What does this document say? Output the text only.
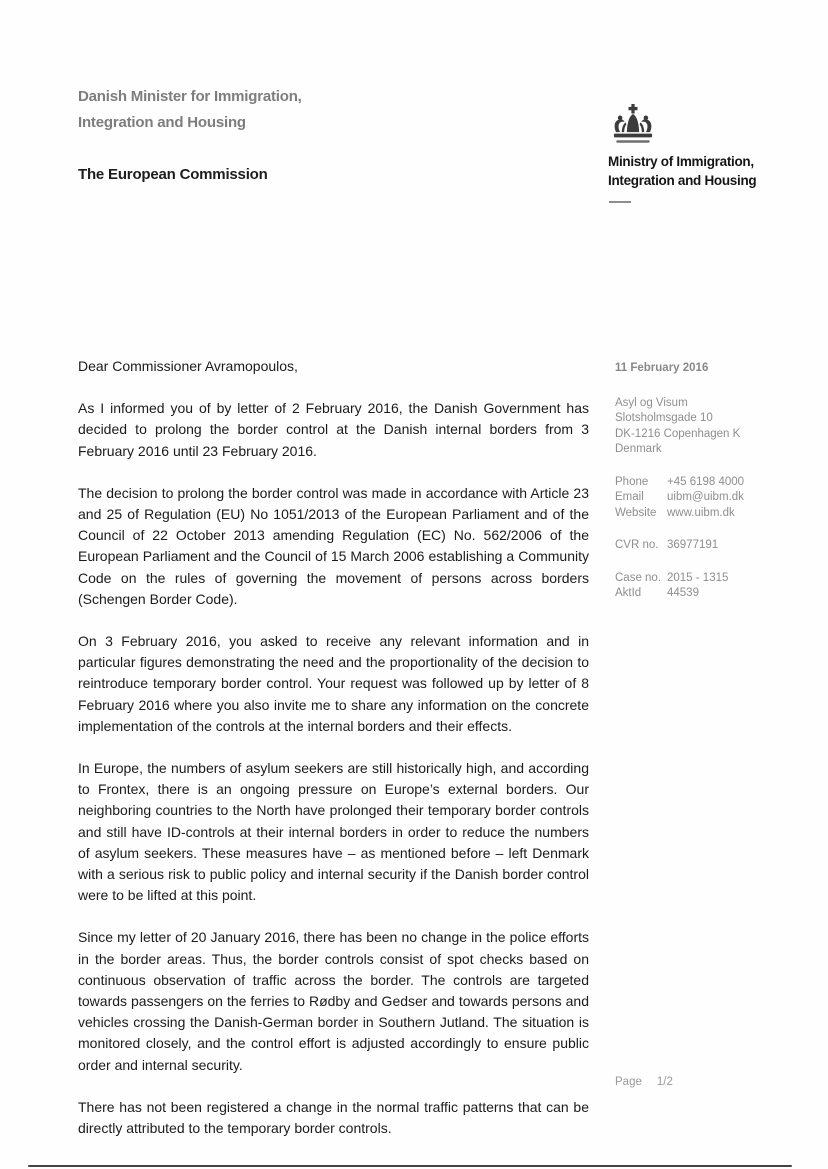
Danish Minister for Immigration,
Integration and Housing
The European Commission
Ministry of Immigration,
Integration and Housing

Dear Commissioner Avramopoulos,

As I informed you of by letter of 2 February 2016, the Danish Government has decided to prolong the border control at the Danish internal borders from 3 February 2016 until 23 February 2016.

The decision to prolong the border control was made in accordance with Article 23 and 25 of Regulation (EU) No 1051/2013 of the European Parliament and of the Council of 22 October 2013 amending Regulation (EC) No. 562/2006 of the European Parliament and the Council of 15 March 2006 establishing a Community Code on the rules of governing the movement of persons across borders (Schengen Border Code).

On 3 February 2016, you asked to receive any relevant information and in particular figures demonstrating the need and the proportionality of the decision to reintroduce temporary border control. Your request was followed up by letter of 8 February 2016 where you also invite me to share any information on the concrete implementation of the controls at the internal borders and their effects.

In Europe, the numbers of asylum seekers are still historically high, and according to Frontex, there is an ongoing pressure on Europe’s external borders. Our neighboring countries to the North have prolonged their temporary border controls and still have ID-controls at their internal borders in order to reduce the numbers of asylum seekers. These measures have – as mentioned before – left Denmark with a serious risk to public policy and internal security if the Danish border control were to be lifted at this point.

Since my letter of 20 January 2016, there has been no change in the police efforts in the border areas. Thus, the border controls consist of spot checks based on continuous observation of traffic across the border. The controls are targeted towards passengers on the ferries to Rødby and Gedser and towards persons and vehicles crossing the Danish-German border in Southern Jutland. The situation is monitored closely, and the control effort is adjusted accordingly to ensure public order and internal security.

There has not been registered a change in the normal traffic patterns that can be directly attributed to the temporary border controls.

11 February 2016
Asyl og Visum
Slotsholmsgade 10
DK-1216 Copenhagen K
Denmark
Phone	+45 6198 4000
Email	uibm@uibm.dk
Website www.uibm.dk
CVR no. 36977191
Case no. 2015 - 1315
AktId	44539
Page 1/2
